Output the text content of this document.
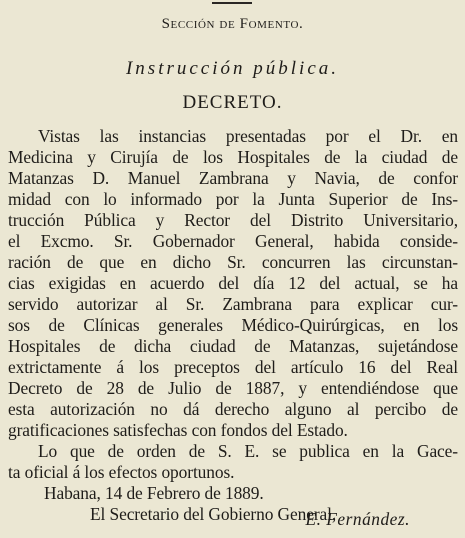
Sección de Fomento.
Instrucción pública.
DECRETO.
Vistas las instancias presentadas por el Dr. en
Medicina y Cirujía de los Hospitales de la ciudad de
Matanzas D. Manuel Zambrana y Navia, de confor
midad con lo informado por la Junta Superior de Ins-
trucción Pública y Rector del Distrito Universitario,
el Excmo. Sr. Gobernador General, habida conside-
ración de que en dicho Sr. concurren las circunstan-
cias exigidas en acuerdo del día 12 del actual, se ha
servido autorizar al Sr. Zambrana para explicar cur-
sos de Clínicas generales Médico-Quirúrgicas, en los
Hospitales de dicha ciudad de Matanzas, sujetándose
extrictamente á los preceptos del artículo 16 del Real
Decreto de 28 de Julio de 1887, y entendiéndose que
esta autorización no dá derecho alguno al percibo de
gratificaciones satisfechas con fondos del Estado.
Lo que de orden de S. E. se publica en la Gace-
ta oficial á los efectos oportunos.
Habana, 14 de Febrero de 1889.
El Secretario del Gobierno General,
E. Fernández.
